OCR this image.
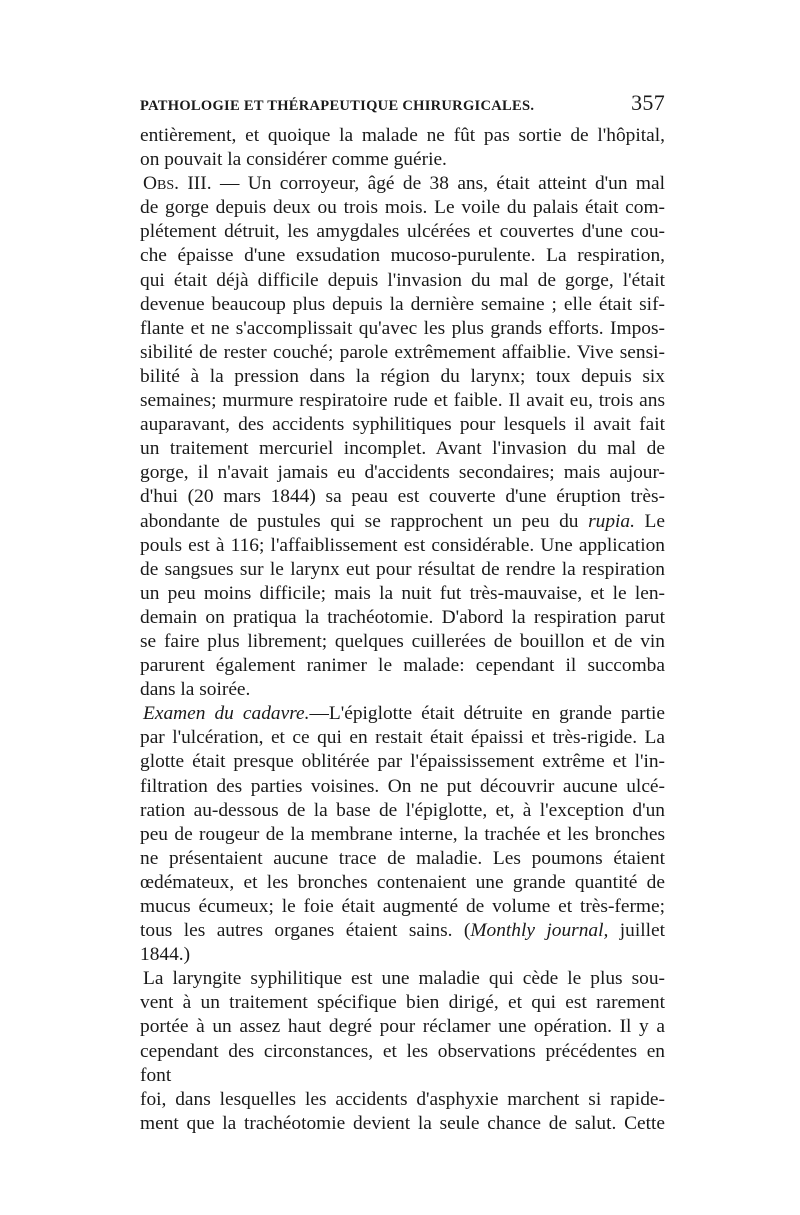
PATHOLOGIE ET THÉRAPEUTIQUE CHIRURGICALES.	357

entièrement, et quoique la malade ne fût pas sortie de l'hôpital,

on pouvait la considérer comme guérie.

Obs. III. — Un corroyeur, âgé de 38 ans, était atteint d'un mal

de gorge depuis deux ou trois mois. Le voile du palais était com-

plétement détruit, les amygdales ulcérées et couvertes d'une cou-

che épaisse d'une exsudation mucoso-purulente. La respiration,

qui était déjà difficile depuis l'invasion du mal de gorge, l'était

devenue beaucoup plus depuis la dernière semaine ; elle était sif-

flante et ne s'accomplissait qu'avec les plus grands efforts. Impos-

sibilité de rester couché; parole extrêmement affaiblie. Vive sensi-

bilité à la pression dans la région du larynx; toux depuis six

semaines; murmure respiratoire rude et faible. Il avait eu, trois ans

auparavant, des accidents syphilitiques pour lesquels il avait fait

un traitement mercuriel incomplet. Avant l'invasion du mal de

gorge, il n'avait jamais eu d'accidents secondaires; mais aujour-

d'hui (20 mars 1844) sa peau est couverte d'une éruption très-

abondante de pustules qui se rapprochent un peu du rupia. Le

pouls est à 116; l'affaiblissement est considérable. Une application

de sangsues sur le larynx eut pour résultat de rendre la respiration

un peu moins difficile; mais la nuit fut très-mauvaise, et le len-

demain on pratiqua la trachéotomie. D'abord la respiration parut

se faire plus librement; quelques cuillerées de bouillon et de vin

parurent également ranimer le malade: cependant il succomba

dans la soirée.

Examen du cadavre.—L'épiglotte était détruite en grande partie

par l'ulcération, et ce qui en restait était épaissi et très-rigide. La

glotte était presque oblitérée par l'épaississement extrême et l'in-

filtration des parties voisines. On ne put découvrir aucune ulcé-

ration au-dessous de la base de l'épiglotte, et, à l'exception d'un

peu de rougeur de la membrane interne, la trachée et les bronches

ne présentaient aucune trace de maladie. Les poumons étaient

œdémateux, et les bronches contenaient une grande quantité de

mucus écumeux; le foie était augmenté de volume et très-ferme;

tous les autres organes étaient sains. (Monthly journal, juillet

1844.)

La laryngite syphilitique est une maladie qui cède le plus sou-

vent à un traitement spécifique bien dirigé, et qui est rarement

portée à un assez haut degré pour réclamer une opération. Il y a

cependant des circonstances, et les observations précédentes en font

foi, dans lesquelles les accidents d'asphyxie marchent si rapide-

ment que la trachéotomie devient la seule chance de salut. Cette
